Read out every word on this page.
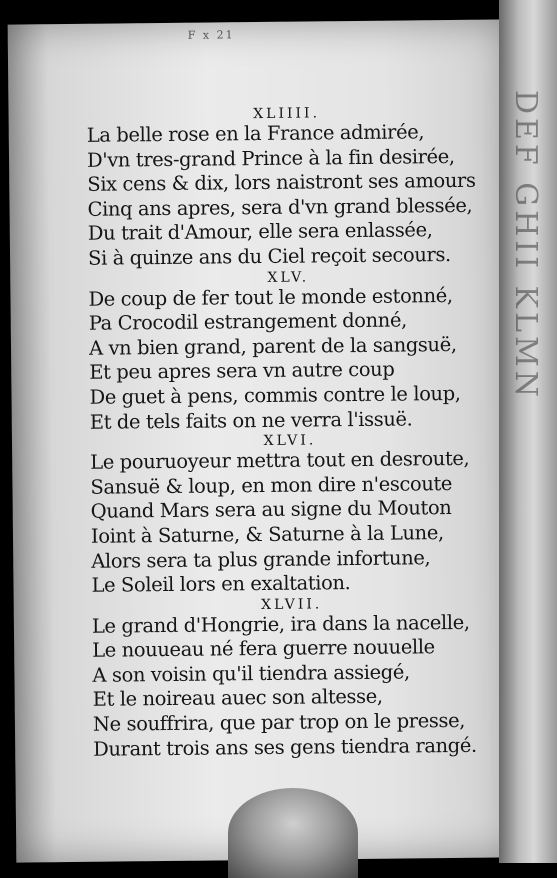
F x 21
XLIIII.
La belle rose en la France admirée,
D'vn tres-grand Prince à la fin desirée,
Six cens & dix, lors naistront ses amours
Cinq ans apres, sera d'vn grand blessée,
Du trait d'Amour, elle sera enlassée,
Si à quinze ans du Ciel reçoit secours.
XLV.
De coup de fer tout le monde estonné,
Pa Crocodil estrangement donné,
A vn bien grand, parent de la sangsuë,
Et peu apres sera vn autre coup
De guet à pens, commis contre le loup,
Et de tels faits on ne verra l'issuë.
XLVI.
Le pouruoyeur mettra tout en desroute,
Sansuë & loup, en mon dire n'escoute
Quand Mars sera au signe du Mouton
Ioint à Saturne, & Saturne à la Lune,
Alors sera ta plus grande infortune,
Le Soleil lors en exaltation.
XLVII.
Le grand d'Hongrie, ira dans la nacelle,
Le nouueau né fera guerre nouuelle
A son voisin qu'il tiendra assiegé,
Et le noireau auec son altesse,
Ne souffrira, que par trop on le presse,
Durant trois ans ses gens tiendra rangé.
DEF GHII KLMN
